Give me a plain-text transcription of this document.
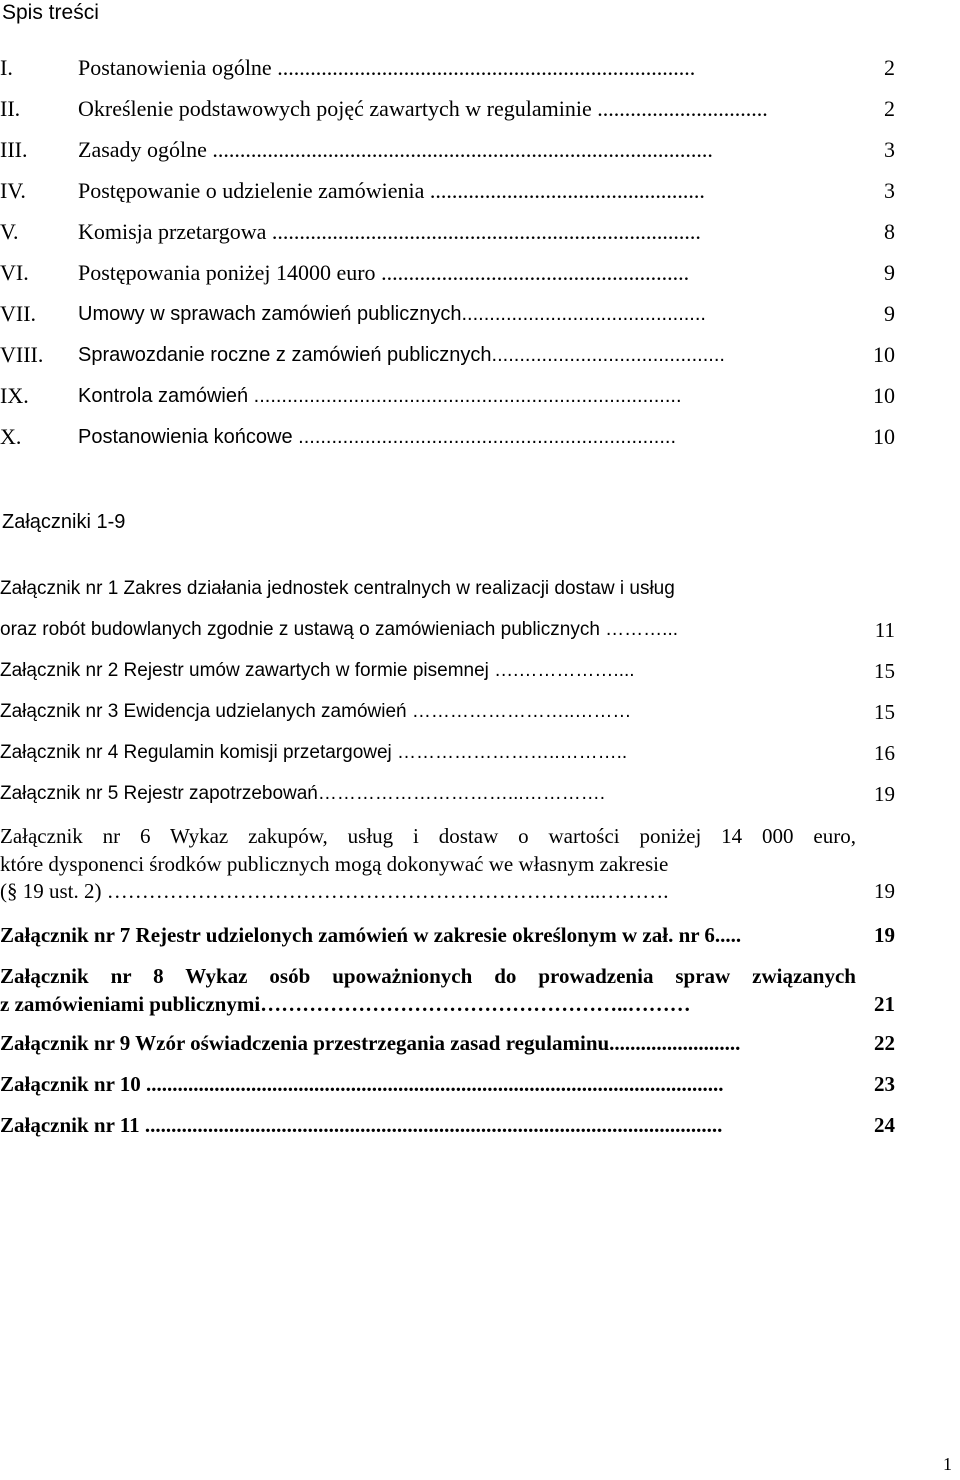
Spis treści
I.	Postanowienia ogólne ............................................................................	2
II.	Określenie podstawowych pojęć zawartych w regulaminie ...............................	2
III. Zasady ogólne ...........................................................................................	3
IV. Postępowanie o udzielenie zamówienia ..................................................	3
V.	Komisja przetargowa ..............................................................................	8
VI. Postępowania poniżej 14000 euro ........................................................	9
VII. Umowy w sprawach zamówień publicznych............................................	9
VIII. Sprawozdanie roczne z zamówień publicznych..........................................	10
IX. Kontrola zamówień .............................................................................	10
X.	Postanowienia końcowe ....................................................................	10
Załączniki 1-9
Załącznik nr 1 Zakres działania jednostek centralnych w realizacji dostaw i usług
oraz robót budowlanych zgodnie z ustawą o zamówieniach publicznych ………...	11
Załącznik nr 2 Rejestr umów zawartych w formie pisemnej ….……………....	15
Załącznik nr 3 Ewidencja udzielanych zamówień ……………………..………	15
Załącznik nr 4 Regulamin komisji przetargowej ……………………..………..	16
Załącznik nr 5 Rejestr zapotrzebowań…………………………...………….	19
Załącznik nr 6 Wykaz zakupów, usług i dostaw o wartości poniżej 14 000 euro,
które dysponenci środków publicznych mogą dokonywać we własnym zakresie
(§ 19 ust. 2) ……………………………………………………………..……….	19
Załącznik nr 7 Rejestr udzielonych zamówień w zakresie określonym w zał. nr 6.....	19
Załącznik nr 8 Wykaz osób upoważnionych do prowadzenia spraw związanych
z zamówieniami publicznymi……………………………………………..………	21
Załącznik nr 9 Wzór oświadczenia przestrzegania zasad regulaminu.........................	22
Załącznik nr 10 ..............................................................................................................	23
Załącznik nr 11 ..............................................................................................................	24
1
